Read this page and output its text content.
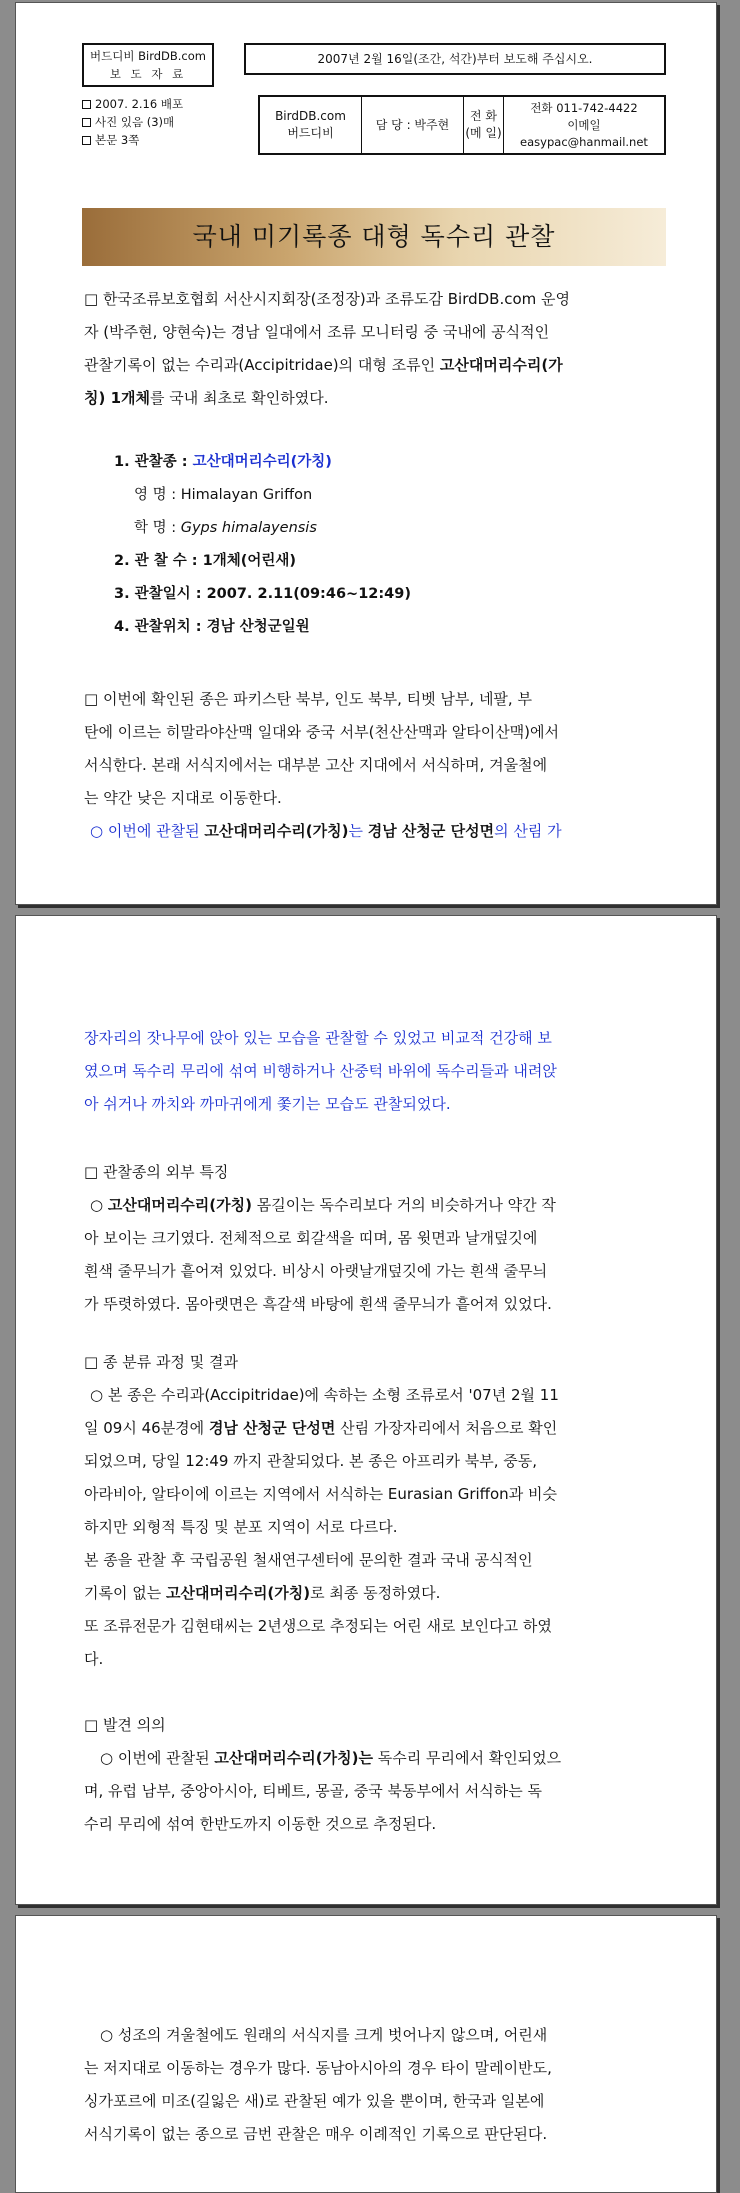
버드디비 BirdDB.com
보 도 자 료
2007년 2월 16일(조간, 석간)부터 보도해 주십시오.
2007. 2.16 배포
사진 있음 (3)매
본문 3쪽
BirdDB.com
버드디비
담 당 : 박주현
전 화
(메 일)
전화 011-742-4422
이메일
easypac@hanmail.net
국내 미기록종 대형 독수리 관찰
□ 한국조류보호협회 서산시지회장(조정장)과 조류도감 BirdDB.com 운영
자 (박주현, 양현숙)는 경남 일대에서 조류 모니터링 중 국내에 공식적인
관찰기록이 없는 수리과(Accipitridae)의 대형 조류인 고산대머리수리(가
칭) 1개체를 국내 최초로 확인하였다.
1. 관찰종 : 고산대머리수리(가칭)
영 명 : Himalayan Griffon
학 명 : Gyps himalayensis
2. 관 찰 수 : 1개체(어린새)
3. 관찰일시 : 2007. 2.11(09:46~12:49)
4. 관찰위치 : 경남 산청군일원
□ 이번에 확인된 종은 파키스탄 북부, 인도 북부, 티벳 남부, 네팔, 부
탄에 이르는 히말라야산맥 일대와 중국 서부(천산산맥과 알타이산맥)에서
서식한다. 본래 서식지에서는 대부분 고산 지대에서 서식하며, 겨울철에
는 약간 낮은 지대로 이동한다.
○ 이번에 관찰된 고산대머리수리(가칭)는 경남 산청군 단성면의 산림 가
장자리의 잣나무에 앉아 있는 모습을 관찰할 수 있었고 비교적 건강해 보
였으며 독수리 무리에 섞여 비행하거나 산중턱 바위에 독수리들과 내려앉
아 쉬거나 까치와 까마귀에게 쫓기는 모습도 관찰되었다.
□ 관찰종의 외부 특징
○ 고산대머리수리(가칭) 몸길이는 독수리보다 거의 비슷하거나 약간 작
아 보이는 크기였다. 전체적으로 회갈색을 띠며, 몸 윗면과 날개덮깃에
흰색 줄무늬가 흩어져 있었다. 비상시 아랫날개덮깃에 가는 흰색 줄무늬
가 뚜렷하였다. 몸아랫면은 흑갈색 바탕에 흰색 줄무늬가 흩어져 있었다.
□ 종 분류 과정 및 결과
○ 본 종은 수리과(Accipitridae)에 속하는 소형 조류로서 '07년 2월 11
일 09시 46분경에 경남 산청군 단성면 산림 가장자리에서 처음으로 확인
되었으며, 당일 12:49 까지 관찰되었다. 본 종은 아프리카 북부, 중동,
아라비아, 알타이에 이르는 지역에서 서식하는 Eurasian Griffon과 비슷
하지만 외형적 특징 및 분포 지역이 서로 다르다.
본 종을 관찰 후 국립공원 철새연구센터에 문의한 결과 국내 공식적인
기록이 없는 고산대머리수리(가칭)로 최종 동정하였다.
또 조류전문가 김현태씨는 2년생으로 추정되는 어린 새로 보인다고 하였
다.
□ 발견 의의
○ 이번에 관찰된 고산대머리수리(가칭)는 독수리 무리에서 확인되었으
며, 유럽 남부, 중앙아시아, 티베트, 몽골, 중국 북동부에서 서식하는 독
수리 무리에 섞여 한반도까지 이동한 것으로 추정된다.
○ 성조의 겨울철에도 원래의 서식지를 크게 벗어나지 않으며, 어린새
는 저지대로 이동하는 경우가 많다. 동남아시아의 경우 타이 말레이반도,
싱가포르에 미조(길잃은 새)로 관찰된 예가 있을 뿐이며, 한국과 일본에
서식기록이 없는 종으로 금번 관찰은 매우 이례적인 기록으로 판단된다.
